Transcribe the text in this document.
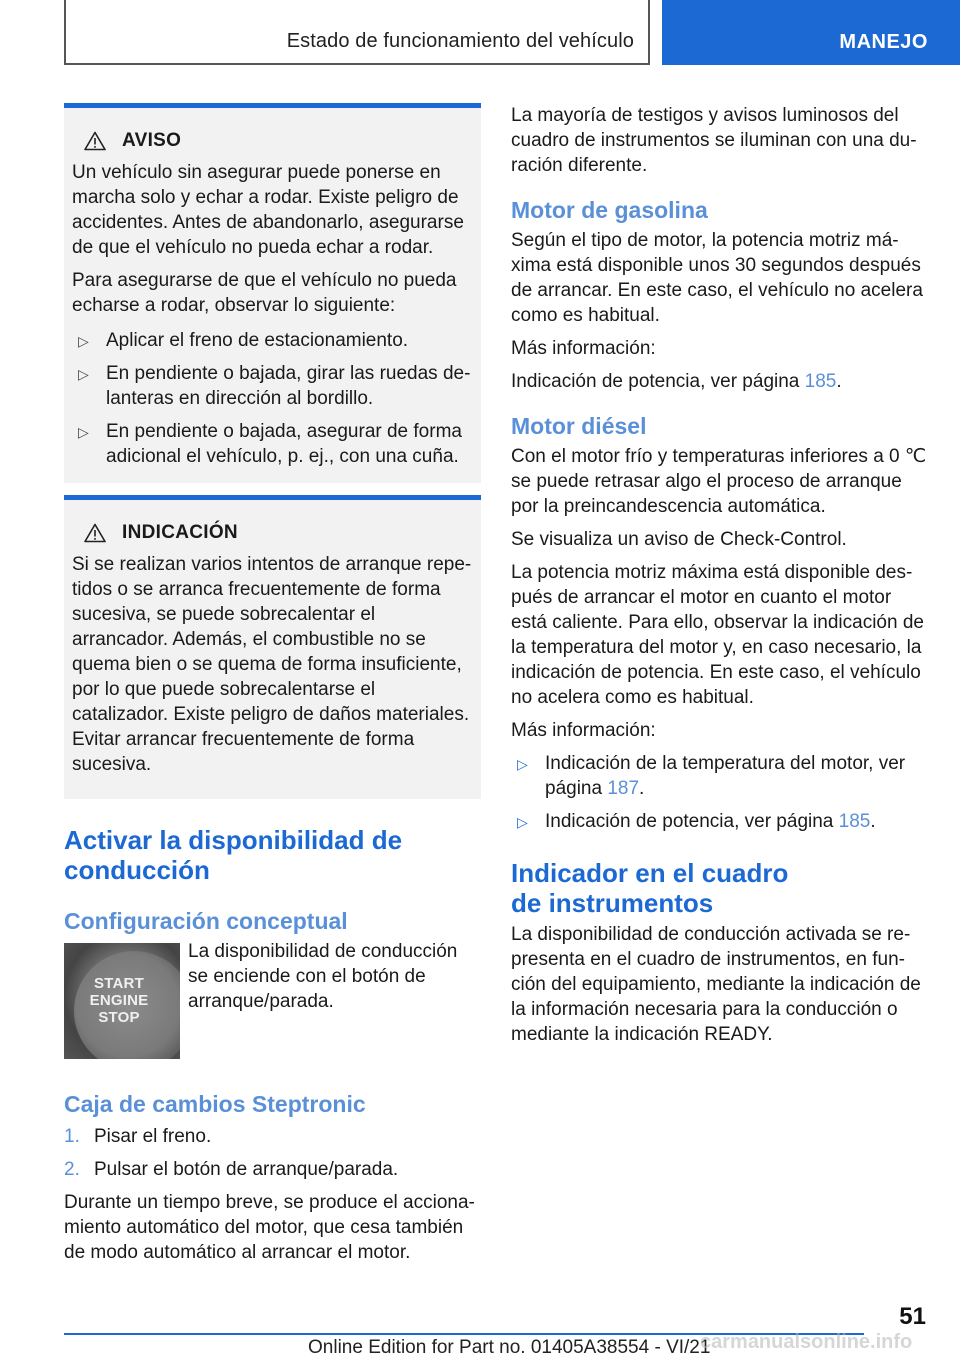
Estado de funcionamiento del vehículo	MANEJO
AVISO

Un vehículo sin asegurar puede ponerse en marcha solo y echar a rodar. Existe peligro de accidentes. Antes de abandonarlo, asegurarse de que el vehículo no pueda echar a rodar.

Para asegurarse de que el vehículo no pueda echarse a rodar, observar lo siguiente:

▷ Aplicar el freno de estacionamiento.
▷ En pendiente o bajada, girar las ruedas delanteras en dirección al bordillo.
▷ En pendiente o bajada, asegurar de forma adicional el vehículo, p. ej., con una cuña.
INDICACIÓN

Si se realizan varios intentos de arranque repetidos o se arranca frecuentemente de forma sucesiva, se puede sobrecalentar el arrancador. Además, el combustible no se quema bien o se quema de forma insuficiente, por lo que puede sobrecalentarse el catalizador. Existe peligro de daños materiales. Evitar arrancar frecuentemente de forma sucesiva.

Activar la disponibilidad de conducción
Configuración conceptual
START
ENGINE
STOP

La disponibilidad de conducción se enciende con el botón de arranque/parada.

Caja de cambios Steptronic
1. Pisar el freno.
2. Pulsar el botón de arranque/parada.

Durante un tiempo breve, se produce el accionamiento automático del motor, que cesa también de modo automático al arrancar el motor.

La mayoría de testigos y avisos luminosos del cuadro de instrumentos se iluminan con una duración diferente.

Motor de gasolina

Según el tipo de motor, la potencia motriz máxima está disponible unos 30 segundos después de arrancar. En este caso, el vehículo no acelera como es habitual.

Más información:

Indicación de potencia, ver página 185.

Motor diésel

Con el motor frío y temperaturas inferiores a 0 ℃ se puede retrasar algo el proceso de arranque por la preincandescencia automática.

Se visualiza un aviso de Check-Control.

La potencia motriz máxima está disponible después de arrancar el motor en cuanto el motor está caliente. Para ello, observar la indicación de la temperatura del motor y, en caso necesario, la indicación de potencia. En este caso, el vehículo no acelera como es habitual.

Más información:

▷ Indicación de la temperatura del motor, ver página 187.
▷ Indicación de potencia, ver página 185.
Indicador en el cuadro de instrumentos

La disponibilidad de conducción activada se representa en el cuadro de instrumentos, en función del equipamiento, mediante la indicación de la información necesaria para la conducción o mediante la indicación READY.

51
Online Edition for Part no. 01405A38554 - VI/21
carmanualsonline.info
